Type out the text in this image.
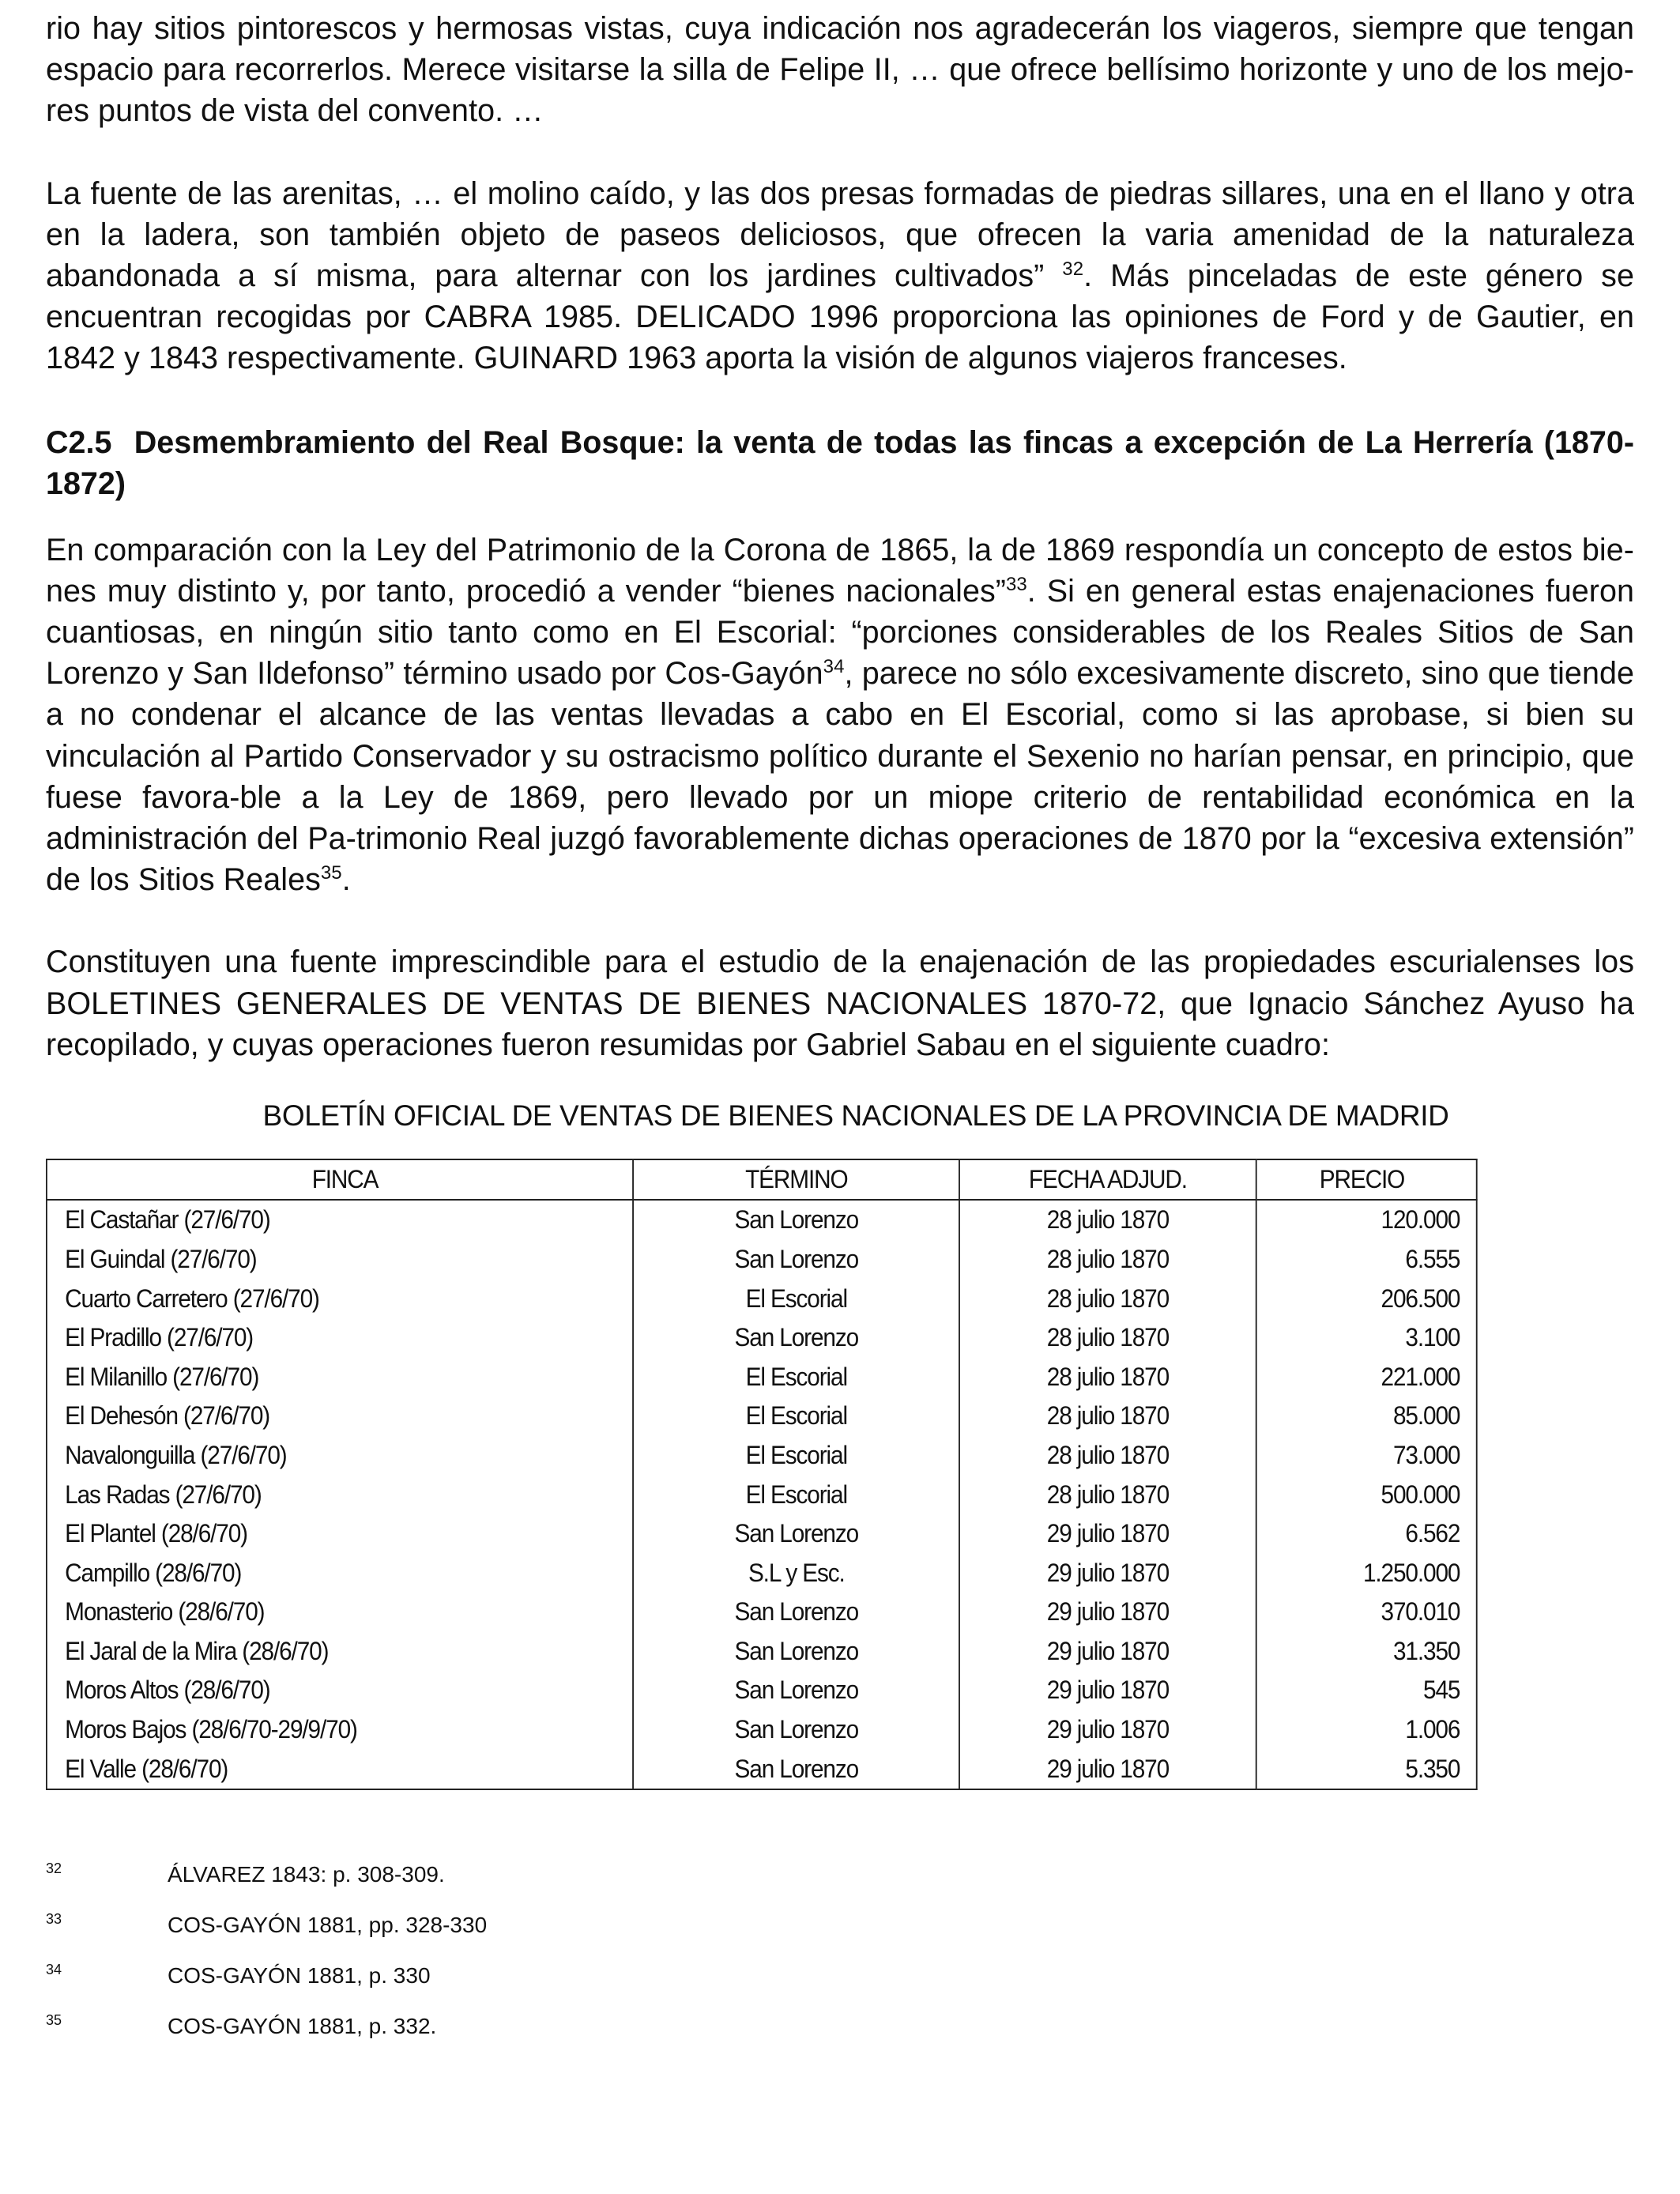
rio hay sitios pintorescos y hermosas vistas, cuya indicación nos agradecerán los viageros, siempre que tengan espacio para recorrerlos. Merece visitarse la silla de Felipe II, … que ofrece bellísimo horizonte y uno de los mejo-res puntos de vista del convento. …

La fuente de las arenitas, … el molino caído, y las dos presas formadas de piedras sillares, una en el llano y otra en la ladera, son también objeto de paseos deliciosos, que ofrecen la varia amenidad de la naturaleza abandonada a sí misma, para alternar con los jardines cultivados” $^{32}$. Más pinceladas de este género se encuentran recogidas por CABRA 1985. DELICADO 1996 proporciona las opiniones de Ford y de Gautier, en 1842 y 1843 respectivamente. GUINARD 1963 aporta la visión de algunos viajeros franceses.

C2.5 Desmembramiento del Real Bosque: la venta de todas las fincas a excepción de La Herrería (1870-1872)

En comparación con la Ley del Patrimonio de la Corona de 1865, la de 1869 respondía un concepto de estos bie-nes muy distinto y, por tanto, procedió a vender “bienes nacionales”$^{33}$. Si en general estas enajenaciones fueron cuantiosas, en ningún sitio tanto como en El Escorial: “porciones considerables de los Reales Sitios de San Lorenzo y San Ildefonso” término usado por Cos-Gayón$^{34}$, parece no sólo excesivamente discreto, sino que tiende a no condenar el alcance de las ventas llevadas a cabo en El Escorial, como si las aprobase, si bien su vinculación al Partido Conservador y su ostracismo político durante el Sexenio no harían pensar, en principio, que fuese favora-ble a la Ley de 1869, pero llevado por un miope criterio de rentabilidad económica en la administración del Pa-trimonio Real juzgó favorablemente dichas operaciones de 1870 por la “excesiva extensión” de los Sitios Reales$^{35}$.

Constituyen una fuente imprescindible para el estudio de la enajenación de las propiedades escurialenses los BOLETINES GENERALES DE VENTAS DE BIENES NACIONALES 1870-72, que Ignacio Sánchez Ayuso ha recopilado, y cuyas operaciones fueron resumidas por Gabriel Sabau en el siguiente cuadro:

BOLETÍN OFICIAL DE VENTAS DE BIENES NACIONALES DE LA PROVINCIA DE MADRID
FINCA	TÉRMINO	FECHA ADJUD.	PRECIO
El Castañar (27/6/70)	San Lorenzo	28 julio 1870	120.000
El Guindal (27/6/70)	San Lorenzo	28 julio 1870	6.555
Cuarto Carretero (27/6/70)	El Escorial	28 julio 1870	206.500
El Pradillo (27/6/70)	San Lorenzo	28 julio 1870	3.100
El Milanillo (27/6/70)	El Escorial	28 julio 1870	221.000
El Dehesón (27/6/70)	El Escorial	28 julio 1870	85.000
Navalonguilla (27/6/70)	El Escorial	28 julio 1870	73.000
Las Radas (27/6/70)	El Escorial	28 julio 1870	500.000
El Plantel (28/6/70)	San Lorenzo	29 julio 1870	6.562
Campillo (28/6/70)	S.L y Esc.	29 julio 1870	1.250.000
Monasterio (28/6/70)	San Lorenzo	29 julio 1870	370.010
El Jaral de la Mira (28/6/70)	San Lorenzo	29 julio 1870	31.350
Moros Altos (28/6/70)	San Lorenzo	29 julio 1870	545
Moros Bajos (28/6/70-29/9/70)	San Lorenzo	29 julio 1870	1.006
El Valle (28/6/70)	San Lorenzo	29 julio 1870	5.350
32	ÁLVAREZ 1843: p. 308-309.
33	COS-GAYÓN 1881, pp. 328-330
34	COS-GAYÓN 1881, p. 330
35	COS-GAYÓN 1881, p. 332.
